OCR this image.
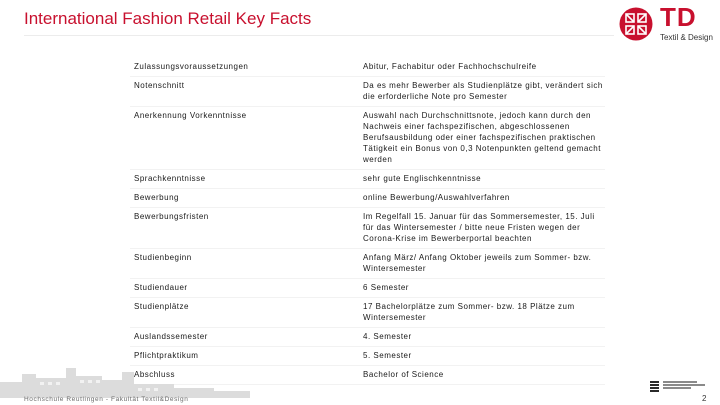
International Fashion Retail Key Facts	TD
Textil & Design
Zulassungsvoraussetzungen	Abitur, Fachabitur oder Fachhochschulreife
Notenschnitt	Da es mehr Bewerber als Studienplätze gibt, verändert sich die erforderliche Note pro Semester
Anerkennung Vorkenntnisse	Auswahl nach Durchschnittsnote, jedoch kann durch den Nachweis einer fachspezifischen, abgeschlossenen Berufsausbildung oder einer fachspezifischen praktischen Tätigkeit ein Bonus von 0,3 Notenpunkten geltend gemacht werden
Sprachkenntnisse	sehr gute Englischkenntnisse
Bewerbung	online Bewerbung/Auswahlverfahren
Bewerbungsfristen	Im Regelfall 15. Januar für das Sommersemester, 15. Juli für das Wintersemester / bitte neue Fristen wegen der Corona-Krise im Bewerberportal beachten
Studienbeginn	Anfang März/ Anfang Oktober jeweils zum Sommer- bzw. Wintersemester
Studiendauer	6 Semester
Studienplätze	17 Bachelorplätze zum Sommer- bzw. 18 Plätze zum Wintersemester
Auslandssemester	4. Semester
Pflichtpraktikum	5. Semester
Abschluss	Bachelor of Science
Hochschule Reutlingen - Fakultät Textil&Design	2
